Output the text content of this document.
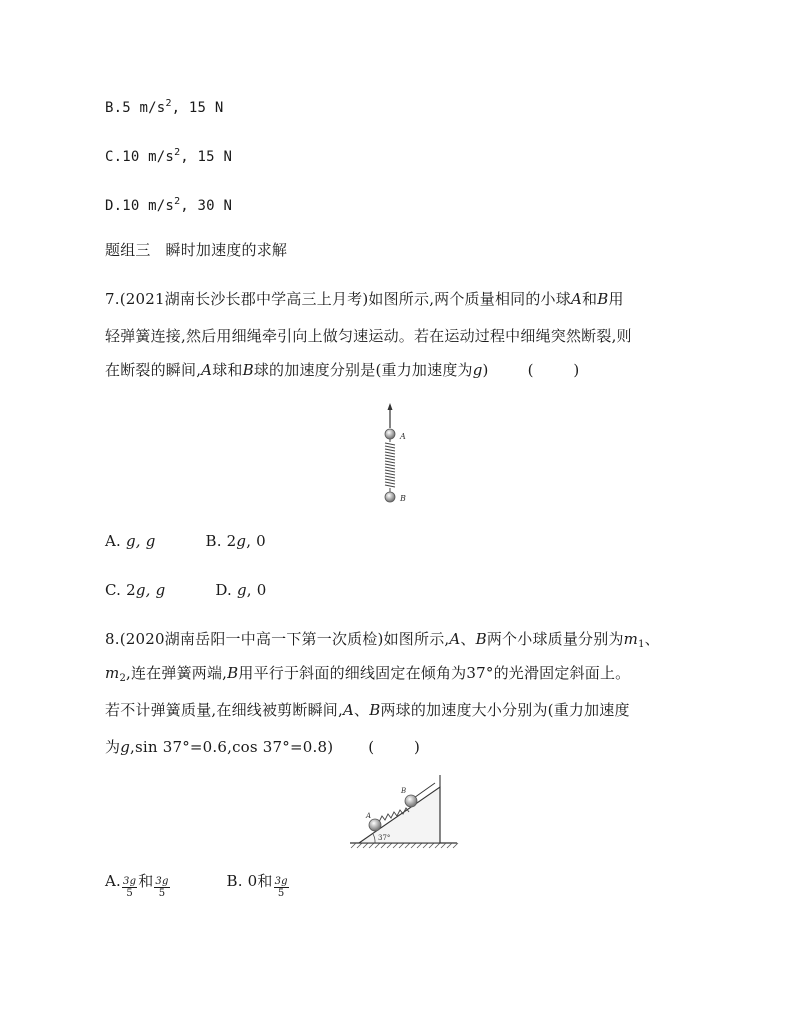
B.5 $m/s^2$, 15 N
C.10 $m/s^2$, 15 N
D.10 $m/s^2$, 30 N
题组三   瞬时加速度的求解
7.(2021湖南长沙长郡中学高三上月考)如图所示,两个质量相同的小球A和B用
轻弹簧连接,然后用细绳牵引向上做匀速运动。若在运动过程中细绳突然断裂,则
在断裂的瞬间,A球和B球的加速度分别是(重力加速度为g)	(        )
A
B
A. g, g	B. 2g, 0
C. 2g, g	D. g, 0
8.(2020湖南岳阳一中高一下第一次质检)如图所示,A、B两个小球质量分别为$m_1$、
$m_2$,连在弹簧两端,B用平行于斜面的细线固定在倾角为37°的光滑固定斜面上。
若不计弹簧质量,在细线被剪断瞬间,A、B两球的加速度大小分别为(重力加速度
为g,sin 37°=0.6,cos 37°=0.8) (        )
A
B
37°
A. $\frac{3g}{5}$ 和 $\frac{3g}{5}$	B. 0和 $\frac{3g}{5}$
